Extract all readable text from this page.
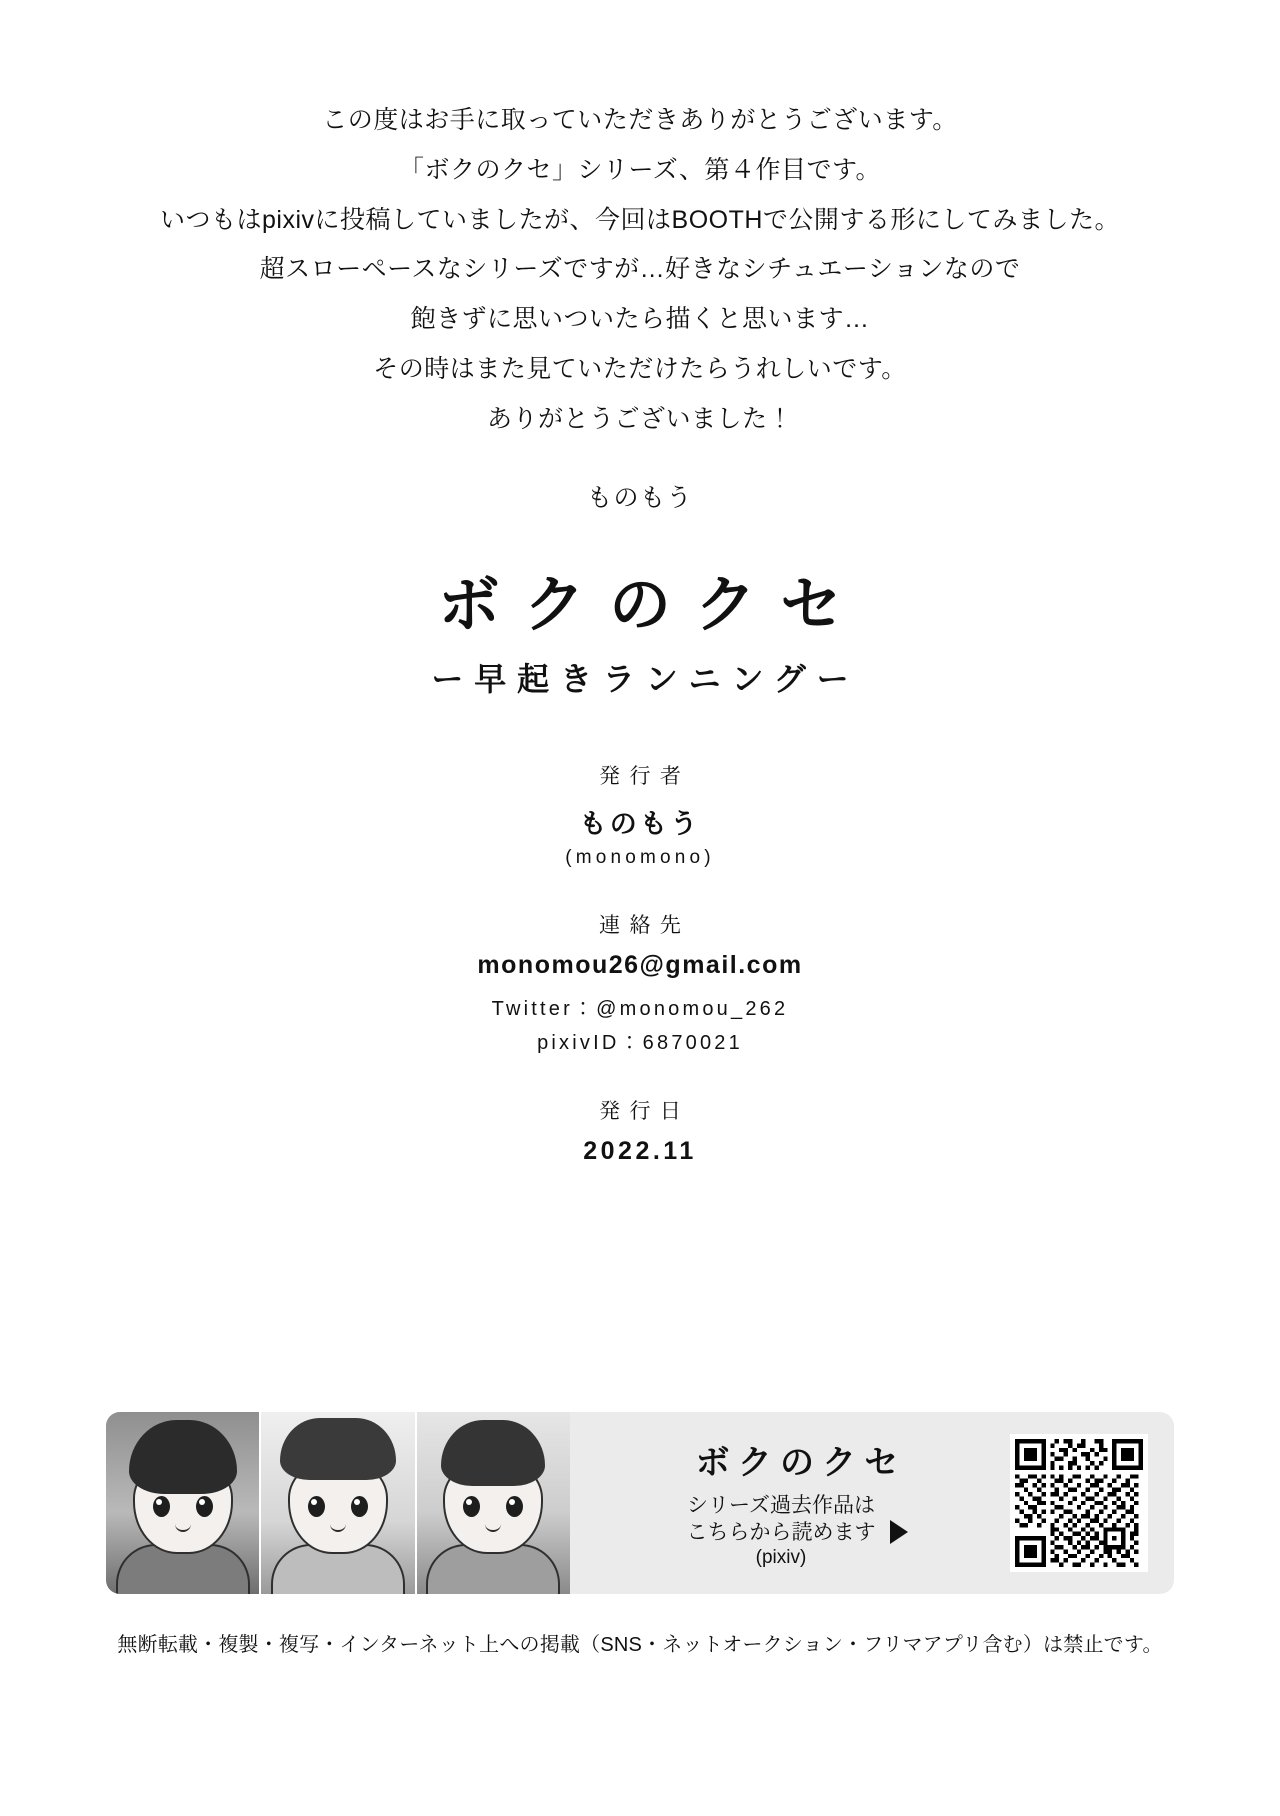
この度はお手に取っていただきありがとうございます。

「ボクのクセ」シリーズ、第４作目です。

いつもはpixivに投稿していましたが、今回はBOOTHで公開する形にしてみました。

超スローペースなシリーズですが…好きなシチュエーションなので

飽きずに思いついたら描くと思います…

その時はまた見ていただけたらうれしいです。

ありがとうございました！

ものもう

ボクのクセ
ー早起きランニングー
発行者
ものもう
(monomono)
連絡先
monomou26@gmail.com
Twitter：@monomou_262
pixivID：6870021
発行日
2022.11
ボクのクセ
シリーズ過去作品は
こちらから読めます
(pixiv)
無断転載・複製・複写・インターネット上への掲載（SNS・ネットオークション・フリマアプリ含む）は禁止です。
